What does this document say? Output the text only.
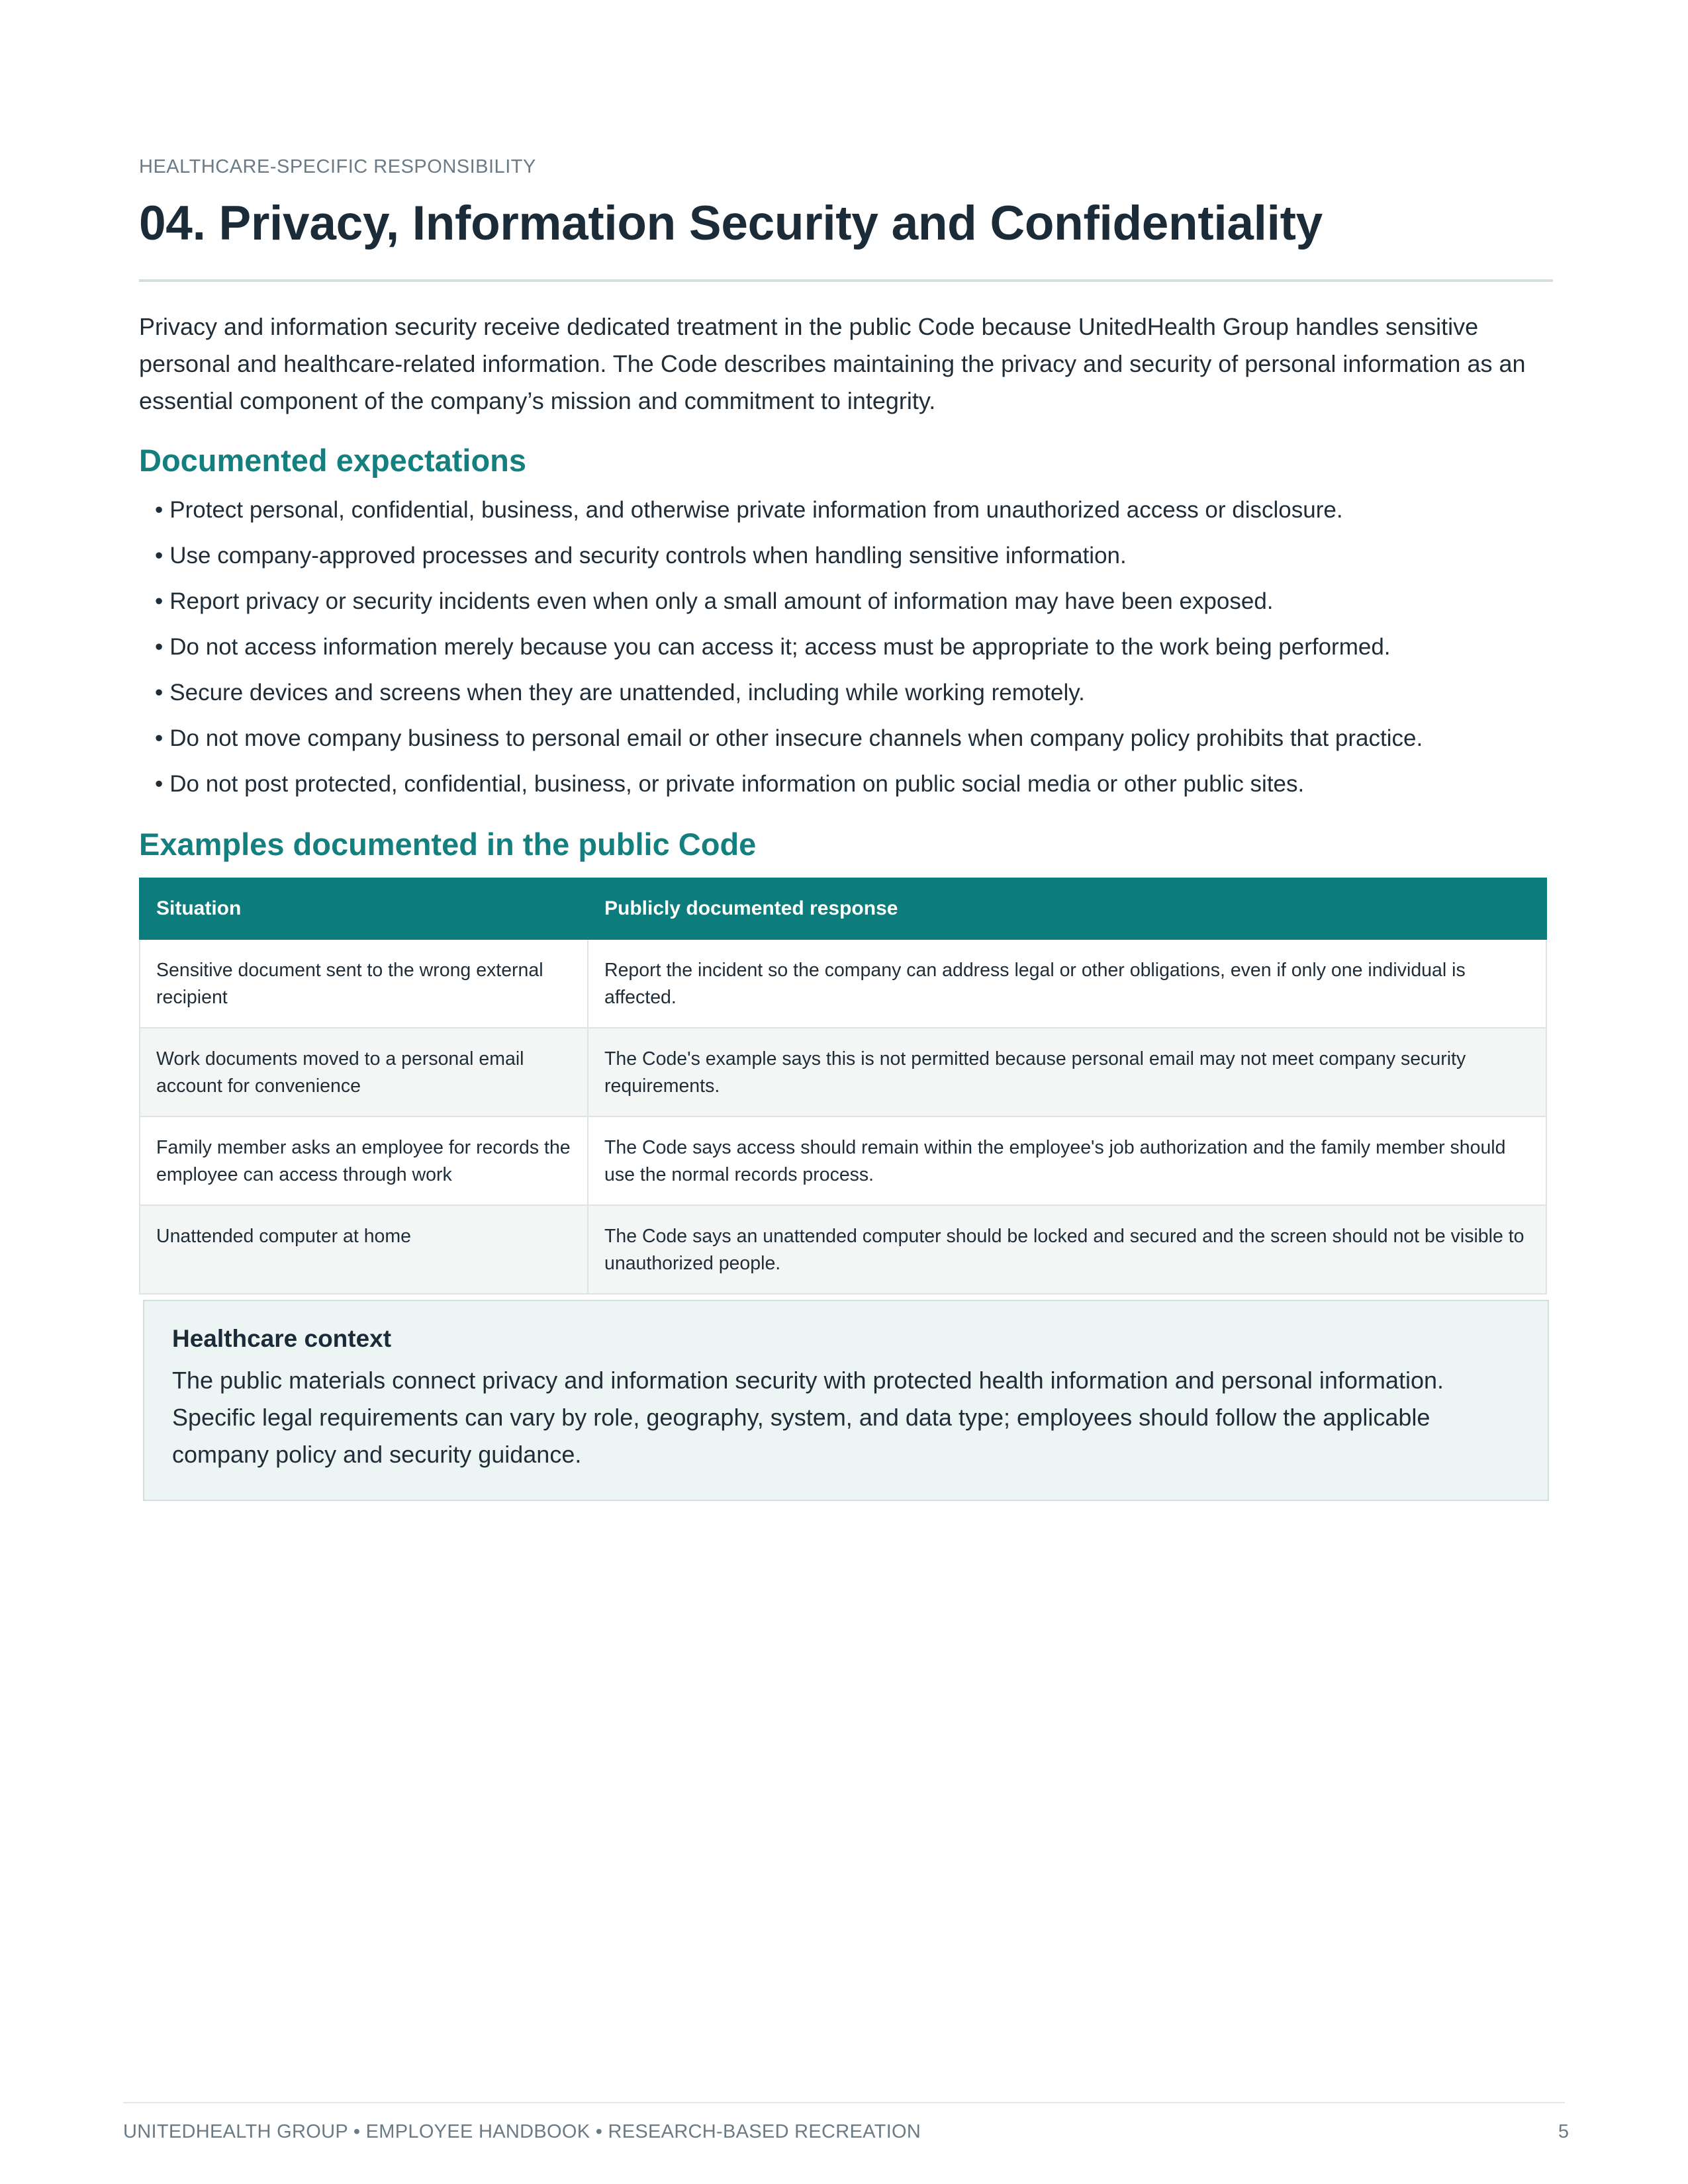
HEALTHCARE-SPECIFIC RESPONSIBILITY
04. Privacy, Information Security and Confidentiality

Privacy and information security receive dedicated treatment in the public Code because UnitedHealth Group handles sensitive personal and healthcare-related information. The Code describes maintaining the privacy and security of personal information as an essential component of the company’s mission and commitment to integrity.

Documented expectations
• Protect personal, confidential, business, and otherwise private information from unauthorized access or disclosure.
• Use company-approved processes and security controls when handling sensitive information.
• Report privacy or security incidents even when only a small amount of information may have been exposed.
• Do not access information merely because you can access it; access must be appropriate to the work being performed.
• Secure devices and screens when they are unattended, including while working remotely.
• Do not move company business to personal email or other insecure channels when company policy prohibits that practice.
• Do not post protected, confidential, business, or private information on public social media or other public sites.
Examples documented in the public Code
Situation	Publicly documented response
Sensitive document sent to the wrong external recipient	Report the incident so the company can address legal or other obligations, even if only one individual is affected.
Work documents moved to a personal email account for convenience	The Code's example says this is not permitted because personal email may not meet company security requirements.
Family member asks an employee for records the employee can access through work	The Code says access should remain within the employee's job authorization and the family member should use the normal records process.
Unattended computer at home	The Code says an unattended computer should be locked and secured and the screen should not be visible to unauthorized people.
Healthcare context

The public materials connect privacy and information security with protected health information and personal information. Specific legal requirements can vary by role, geography, system, and data type; employees should follow the applicable company policy and security guidance.

UNITEDHEALTH GROUP • EMPLOYEE HANDBOOK • RESEARCH-BASED RECREATION	5
